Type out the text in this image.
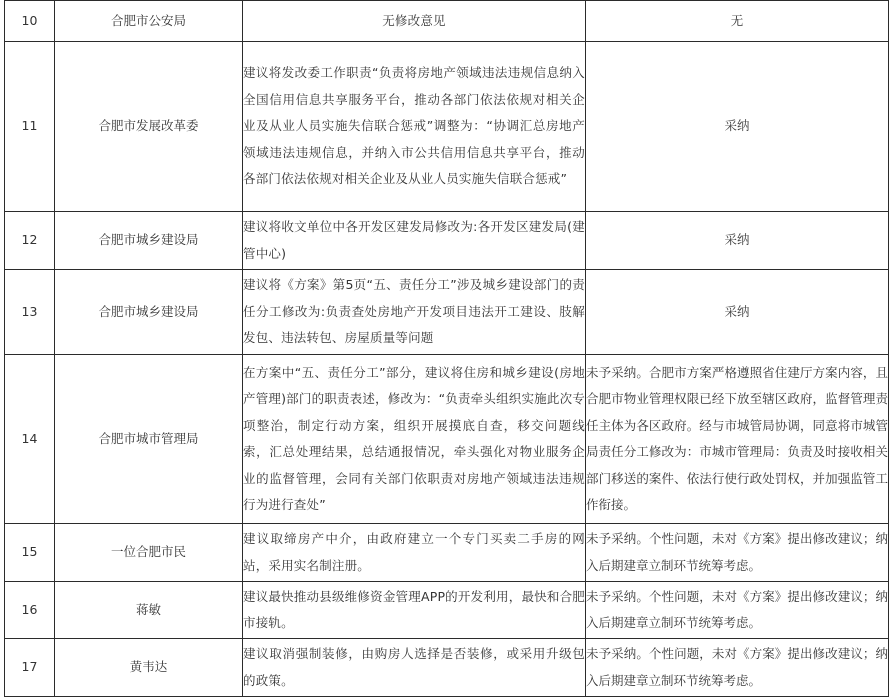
10	合肥市公安局	无修改意见	无
11	合肥市发展改革委	建议将发改委工作职责“负责将房地产领域违法违规信息纳入全国信用信息共享服务平台，推动各部门依法依规对相关企业及从业人员实施失信联合惩戒”调整为：“协调汇总房地产领域违法违规信息，并纳入市公共信用信息共享平台，推动各部门依法依规对相关企业及从业人员实施失信联合惩戒”	采纳
12	合肥市城乡建设局	建议将收文单位中各开发区建发局修改为:各开发区建发局(建管中心)	采纳
13	合肥市城乡建设局	建议将《方案》第5页“五、责任分工”涉及城乡建设部门的责任分工修改为:负责查处房地产开发项目违法开工建设、肢解发包、违法转包、房屋质量等问题	采纳
14	合肥市城市管理局	在方案中“五、责任分工”部分，建议将住房和城乡建设(房地产管理)部门的职责表述，修改为：“负责牵头组织实施此次专项整治，制定行动方案，组织开展摸底自查，移交问题线索，汇总处理结果，总结通报情况，牵头强化对物业服务企业的监督管理，会同有关部门依职责对房地产领域违法违规行为进行查处”	未予采纳。合肥市方案严格遵照省住建厅方案内容，且合肥市物业管理权限已经下放至辖区政府，监督管理责任主体为各区政府。经与市城管局协调，同意将市城管局责任分工修改为：市城市管理局：负责及时接收相关部门移送的案件、依法行使行政处罚权，并加强监管工作衔接。
15	一位合肥市民	建议取缔房产中介，由政府建立一个专门买卖二手房的网站，采用实名制注册。	未予采纳。个性问题，未对《方案》提出修改建议；纳入后期建章立制环节统筹考虑。
16	蒋敏	建议最快推动县级维修资金管理APP的开发利用，最快和合肥市接轨。	未予采纳。个性问题，未对《方案》提出修改建议；纳入后期建章立制环节统筹考虑。
17	黄韦达	建议取消强制装修，由购房人选择是否装修，或采用升级包的政策。	未予采纳。个性问题，未对《方案》提出修改建议；纳入后期建章立制环节统筹考虑。
